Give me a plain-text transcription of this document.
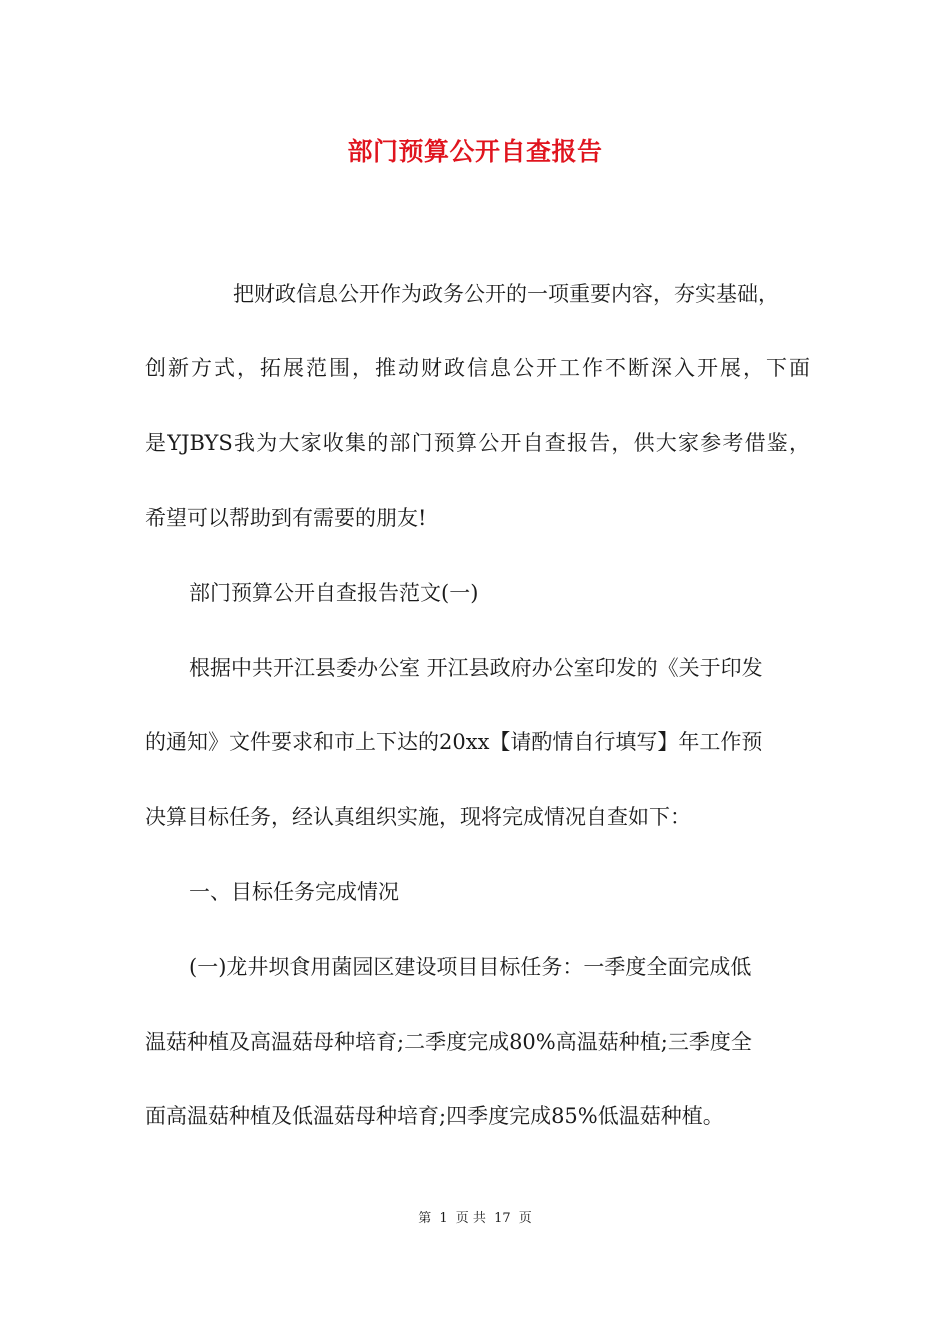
部门预算公开自查报告
把财政信息公开作为政务公开的一项重要内容，夯实基础，
创新方式，拓展范围，推动财政信息公开工作不断深入开展，下面
是YJBYS我为大家收集的部门预算公开自查报告，供大家参考借鉴，
希望可以帮助到有需要的朋友!
部门预算公开自查报告范文(一)
根据中共开江县委办公室 开江县政府办公室印发的《关于印发
的通知》文件要求和市上下达的20xx【请酌情自行填写】年工作预
决算目标任务，经认真组织实施，现将完成情况自查如下：
一、目标任务完成情况
(一)龙井坝食用菌园区建设项目目标任务：一季度全面完成低
温菇种植及高温菇母种培育;二季度完成80%高温菇种植;三季度全
面高温菇种植及低温菇母种培育;四季度完成85%低温菇种植。
第 1 页 共 17 页
